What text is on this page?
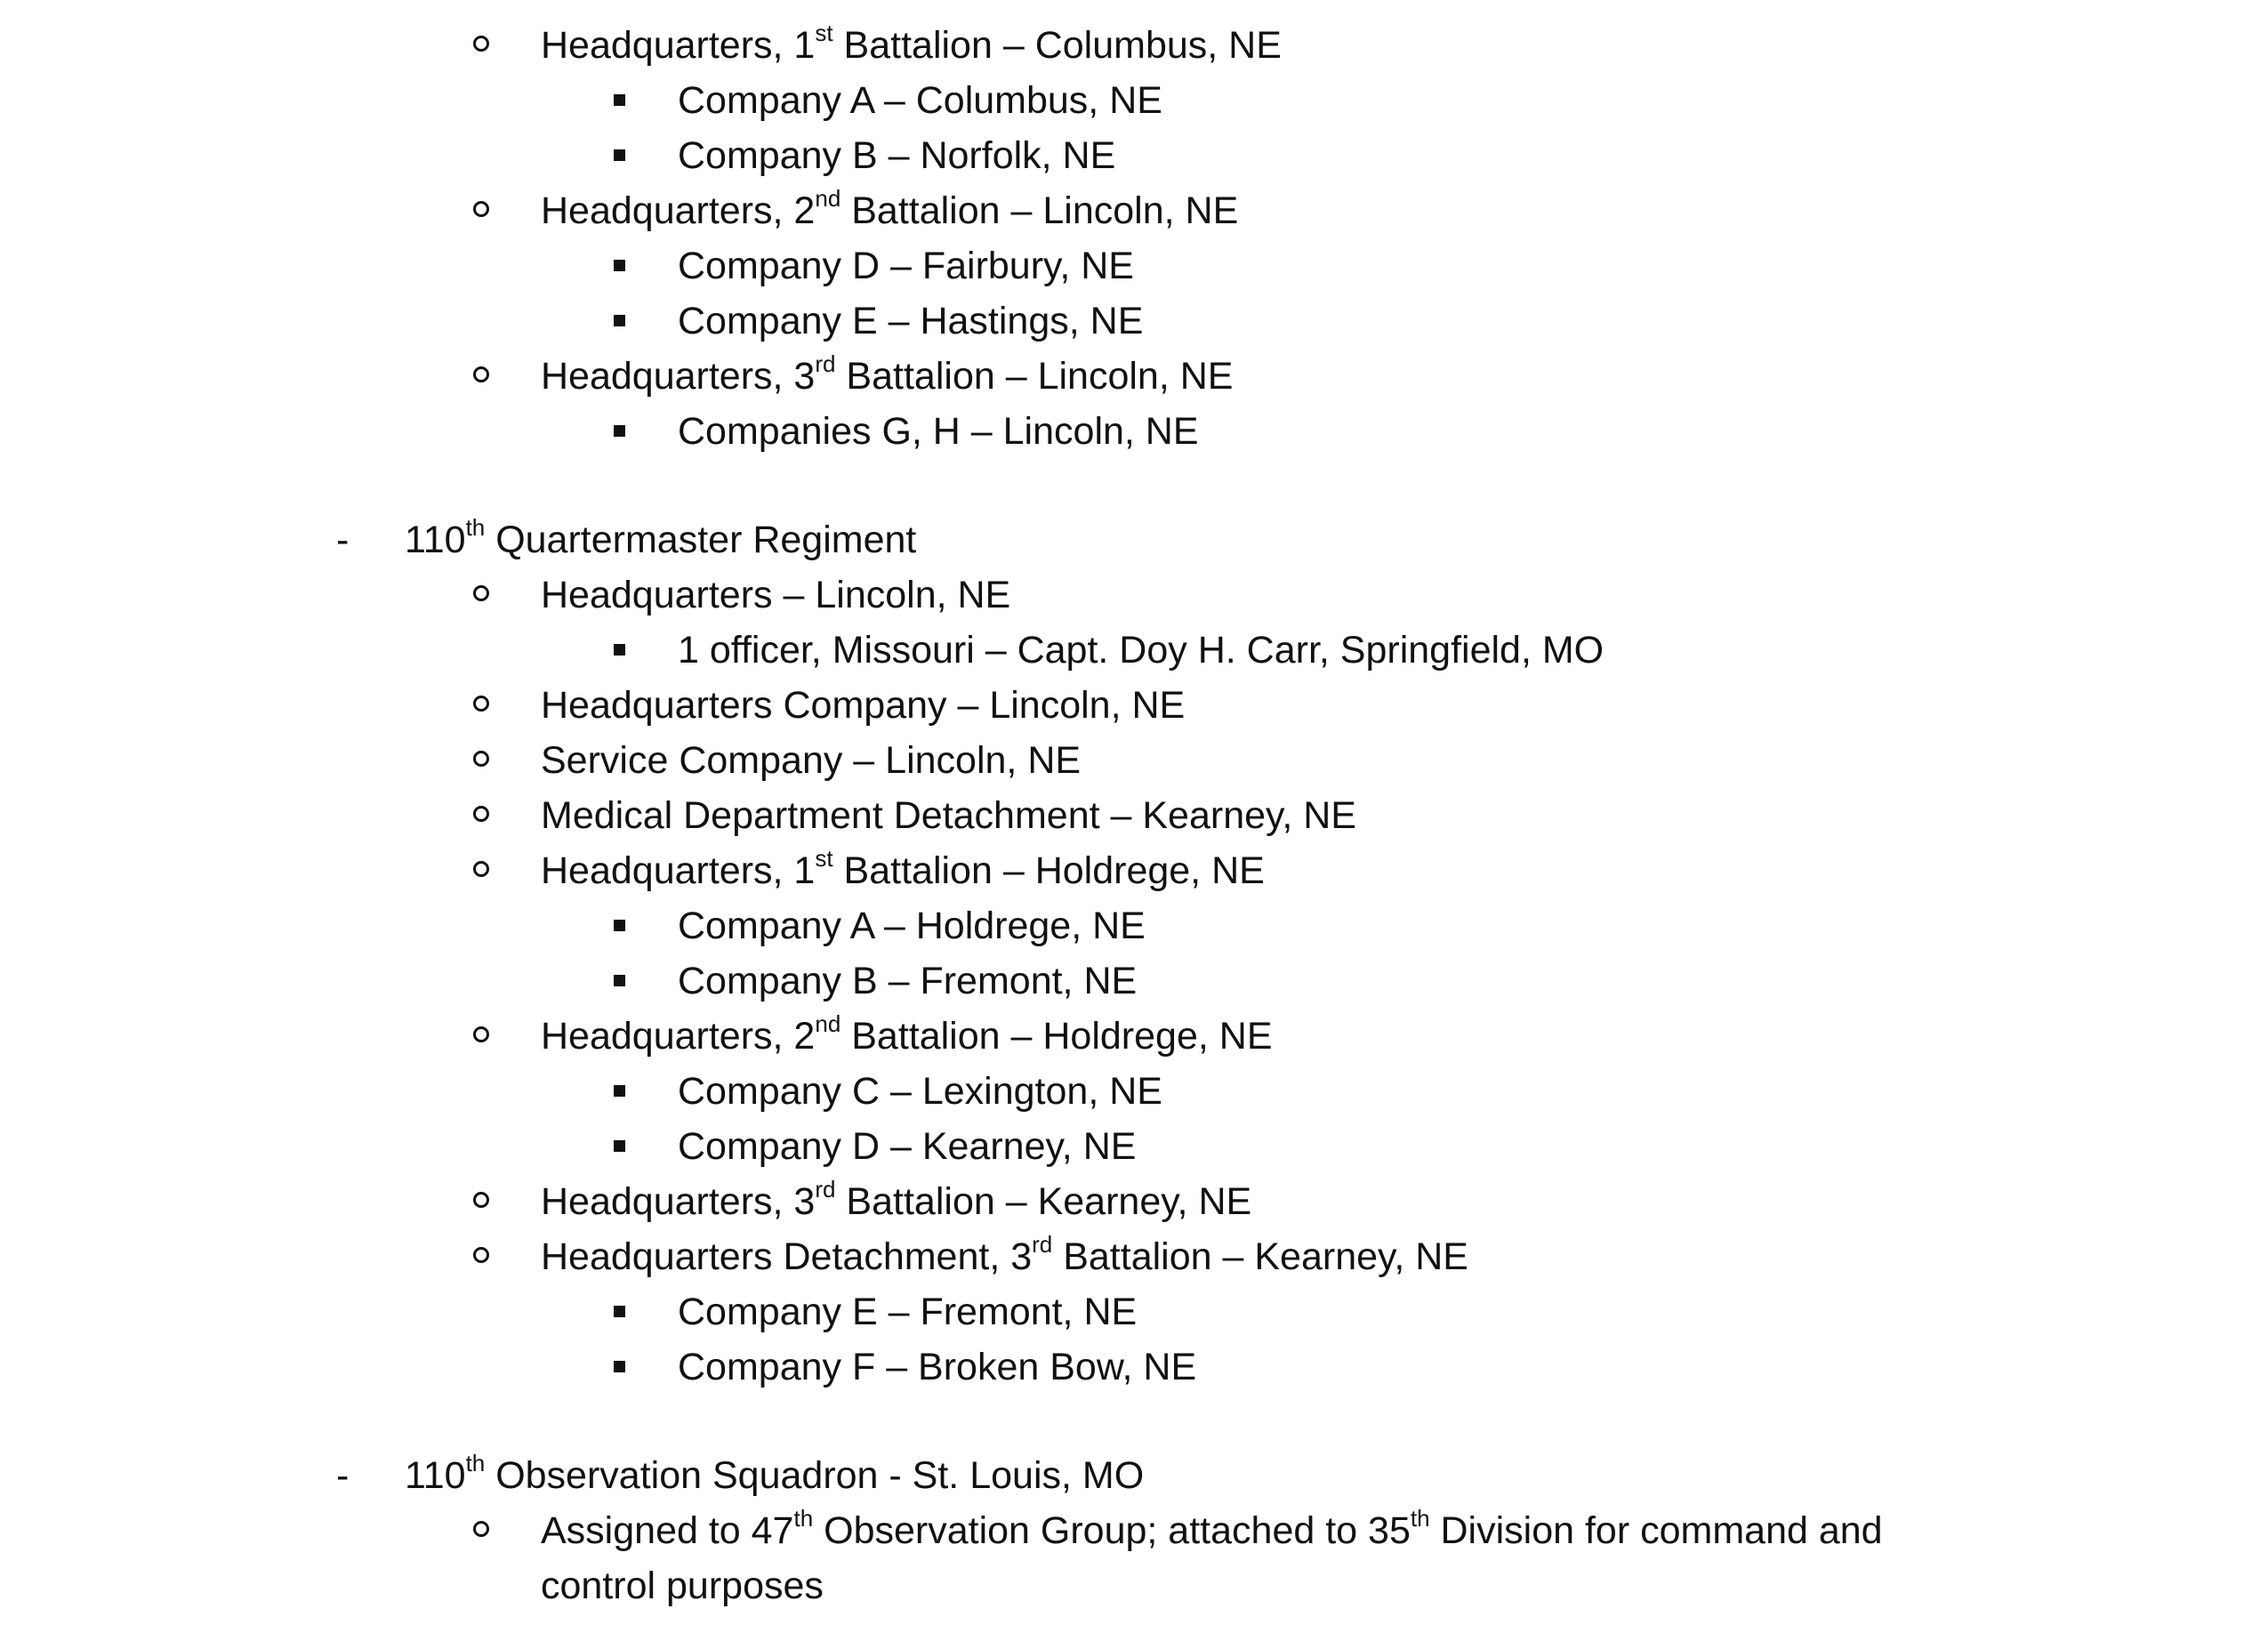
Headquarters, 1st Battalion – Columbus, NE
Company A – Columbus, NE
Company B – Norfolk, NE
Headquarters, 2nd Battalion – Lincoln, NE
Company D – Fairbury, NE
Company E – Hastings, NE
Headquarters, 3rd Battalion – Lincoln, NE
Companies G, H – Lincoln, NE
- 110th Quartermaster Regiment
Headquarters – Lincoln, NE
1 officer, Missouri – Capt. Doy H. Carr, Springfield, MO
Headquarters Company – Lincoln, NE
Service Company – Lincoln, NE
Medical Department Detachment – Kearney, NE
Headquarters, 1st Battalion – Holdrege, NE
Company A – Holdrege, NE
Company B – Fremont, NE
Headquarters, 2nd Battalion – Holdrege, NE
Company C – Lexington, NE
Company D – Kearney, NE
Headquarters, 3rd Battalion – Kearney, NE
Headquarters Detachment, 3rd Battalion – Kearney, NE
Company E – Fremont, NE
Company F – Broken Bow, NE
- 110th Observation Squadron - St. Louis, MO
Assigned to 47th Observation Group; attached to 35th Division for command and
control purposes
